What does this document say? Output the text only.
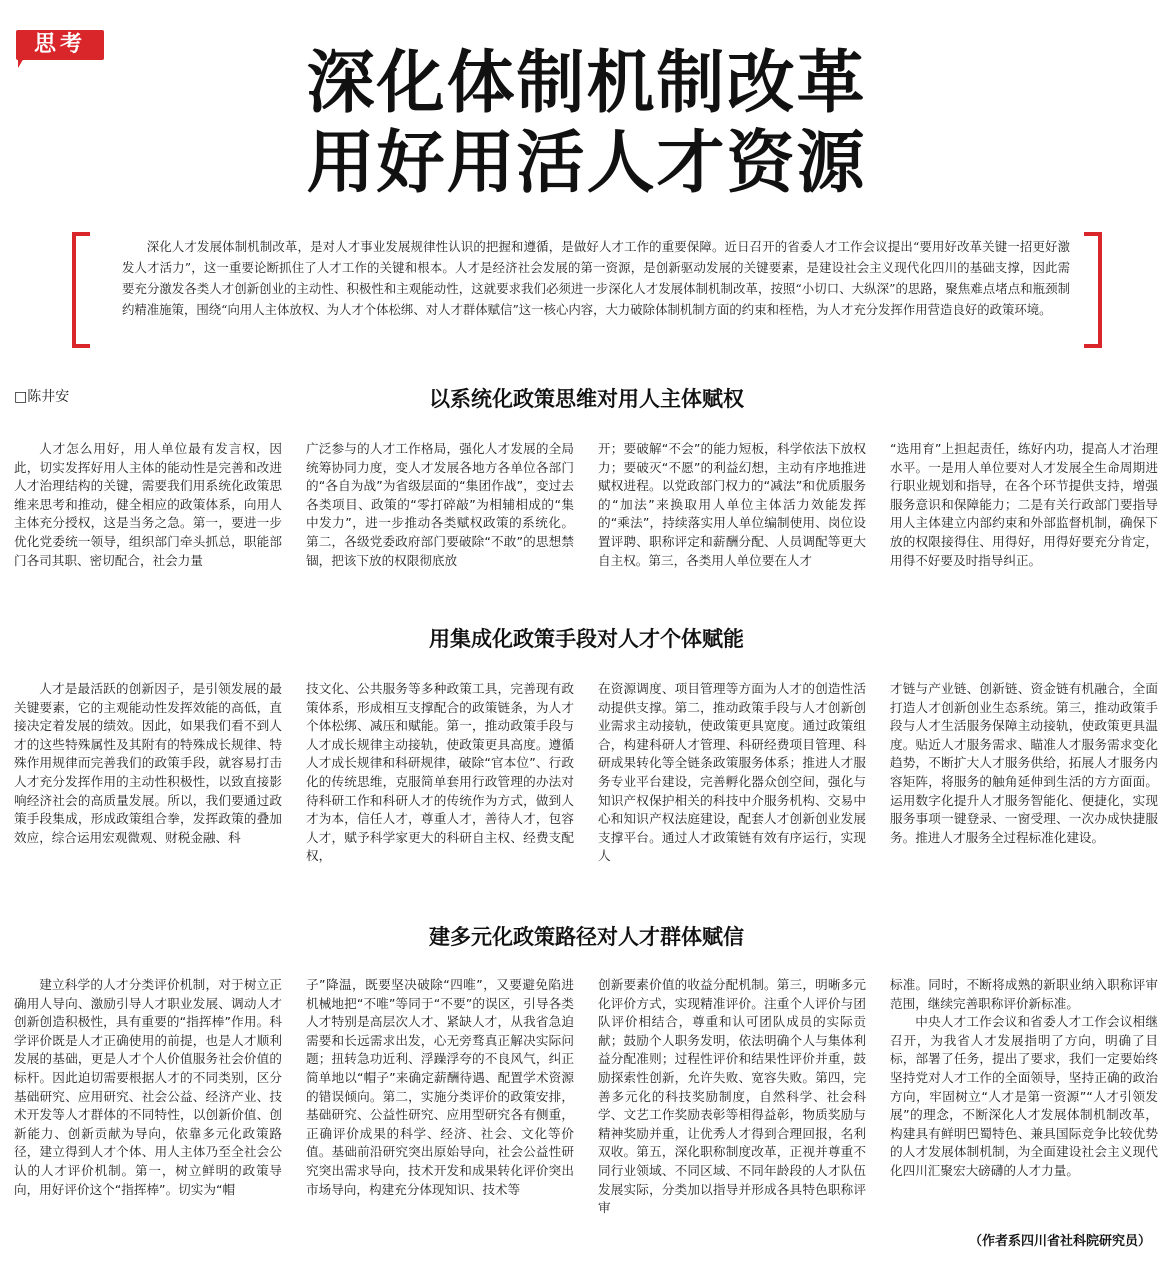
思考	深化体制机制改革
用好用活人才资源
深化人才发展体制机制改革，是对人才事业发展规律性认识的把握和遵循，是做好人才工作的重要保障。近日召开的省委人才工作会议提出“要用好改革关键一招更好激发人才活力”，这一重要论断抓住了人才工作的关键和根本。人才是经济社会发展的第一资源，是创新驱动发展的关键要素，是建设社会主义现代化四川的基础支撑，因此需要充分激发各类人才创新创业的主动性、积极性和主观能动性，这就要求我们必须进一步深化人才发展体制机制改革，按照“小切口、大纵深”的思路，聚焦难点堵点和瓶颈制约精准施策，围绕“向用人主体放权、为人才个体松绑、对人才群体赋信”这一核心内容，大力破除体制机制方面的约束和桎梏，为人才充分发挥作用营造良好的政策环境。
□陈井安	以系统化政策思维对用人主体赋权

人才怎么用好，用人单位最有发言权，因此，切实发挥好用人主体的能动性是完善和改进人才治理结构的关键，需要我们用系统化政策思维来思考和推动，健全相应的政策体系，向用人主体充分授权，这是当务之急。第一，要进一步优化党委统一领导，组织部门牵头抓总，职能部门各司其职、密切配合，社会力量

广泛参与的人才工作格局，强化人才发展的全局统筹协同力度，变人才发展各地方各单位各部门的“各自为战”为省级层面的“集团作战”，变过去各类项目、政策的“零打碎敲”为相辅相成的“集中发力”，进一步推动各类赋权政策的系统化。第二，各级党委政府部门要破除“不敢”的思想禁锢，把该下放的权限彻底放

开；要破解“不会”的能力短板，科学依法下放权力；要破灭“不愿”的利益幻想，主动有序地推进赋权进程。以党政部门权力的“减法”和优质服务的“加法”来换取用人单位主体活力效能发挥的“乘法”，持续落实用人单位编制使用、岗位设置评聘、职称评定和薪酬分配、人员调配等更大自主权。第三，各类用人单位要在人才

“选用育”上担起责任，练好内功，提高人才治理水平。一是用人单位要对人才发展全生命周期进行职业规划和指导，在各个环节提供支持，增强服务意识和保障能力；二是有关行政部门要指导用人主体建立内部约束和外部监督机制，确保下放的权限接得住、用得好，用得好要充分肯定，用得不好要及时指导纠正。

用集成化政策手段对人才个体赋能

人才是最活跃的创新因子，是引领发展的最关键要素，它的主观能动性发挥效能的高低，直接决定着发展的绩效。因此，如果我们看不到人才的这些特殊属性及其附有的特殊成长规律、特殊作用规律而完善我们的政策手段，就容易打击人才充分发挥作用的主动性积极性，以致直接影响经济社会的高质量发展。所以，我们要通过政策手段集成，形成政策组合拳，发挥政策的叠加效应，综合运用宏观微观、财税金融、科

技文化、公共服务等多种政策工具，完善现有政策体系，形成相互支撑配合的政策链条，为人才个体松绑、减压和赋能。第一，推动政策手段与人才成长规律主动接轨，使政策更具高度。遵循人才成长规律和科研规律，破除“官本位”、行政化的传统思维，克服简单套用行政管理的办法对待科研工作和科研人才的传统作为方式，做到人才为本，信任人才，尊重人才，善待人才，包容人才，赋予科学家更大的科研自主权、经费支配权，

在资源调度、项目管理等方面为人才的创造性活动提供支撑。第二，推动政策手段与人才创新创业需求主动接轨，使政策更具宽度。通过政策组合，构建科研人才管理、科研经费项目管理、科研成果转化等全链条政策服务体系；推进人才服务专业平台建设，完善孵化器众创空间，强化与知识产权保护相关的科技中介服务机构、交易中心和知识产权法庭建设，配套人才创新创业发展支撑平台。通过人才政策链有效有序运行，实现人

才链与产业链、创新链、资金链有机融合，全面打造人才创新创业生态系统。第三，推动政策手段与人才生活服务保障主动接轨，使政策更具温度。贴近人才服务需求、瞄准人才服务需求变化趋势，不断扩大人才服务供给，拓展人才服务内容矩阵，将服务的触角延伸到生活的方方面面。运用数字化提升人才服务智能化、便捷化，实现服务事项一键登录、一窗受理、一次办成快捷服务。推进人才服务全过程标准化建设。

建多元化政策路径对人才群体赋信

建立科学的人才分类评价机制，对于树立正确用人导向、激励引导人才职业发展、调动人才创新创造积极性，具有重要的“指挥棒”作用。科学评价既是人才正确使用的前提，也是人才顺利发展的基础，更是人才个人价值服务社会价值的标杆。因此迫切需要根据人才的不同类别，区分基础研究、应用研究、社会公益、经济产业、技术开发等人才群体的不同特性，以创新价值、创新能力、创新贡献为导向，依靠多元化政策路径，建立得到人才个体、用人主体乃至全社会公认的人才评价机制。第一，树立鲜明的政策导向，用好评价这个“指挥棒”。切实为“帽

子”降温，既要坚决破除“四唯”，又要避免陷进机械地把“不唯”等同于“不要”的误区，引导各类人才特别是高层次人才、紧缺人才，从我省急迫需要和长远需求出发，心无旁骛真正解决实际问题；扭转急功近利、浮躁浮夸的不良风气，纠正简单地以“帽子”来确定薪酬待遇、配置学术资源的错误倾向。第二，实施分类评价的政策安排，基础研究、公益性研究、应用型研究各有侧重，正确评价成果的科学、经济、社会、文化等价值。基础前沿研究突出原始导向，社会公益性研究突出需求导向，技术开发和成果转化评价突出市场导向，构建充分体现知识、技术等

创新要素价值的收益分配机制。第三，明晰多元化评价方式，实现精准评价。注重个人评价与团队评价相结合，尊重和认可团队成员的实际贡献；鼓励个人职务发明，依法明确个人与集体利益分配准则；过程性评价和结果性评价并重，鼓励探索性创新，允许失败、宽容失败。第四，完善多元化的科技奖励制度，自然科学、社会科学、文艺工作奖励表彰等相得益彰，物质奖励与精神奖励并重，让优秀人才得到合理回报，名利双收。第五，深化职称制度改革，正视并尊重不同行业领域、不同区域、不同年龄段的人才队伍发展实际，分类加以指导并形成各具特色职称评审

标准。同时，不断将成熟的新职业纳入职称评审范围，继续完善职称评价新标准。

中央人才工作会议和省委人才工作会议相继召开，为我省人才发展指明了方向，明确了目标，部署了任务，提出了要求，我们一定要始终坚持党对人才工作的全面领导，坚持正确的政治方向，牢固树立“人才是第一资源”“人才引领发展”的理念，不断深化人才发展体制机制改革，构建具有鲜明巴蜀特色、兼具国际竞争比较优势的人才发展体制机制，为全面建设社会主义现代化四川汇聚宏大磅礴的人才力量。

（作者系四川省社科院研究员）
